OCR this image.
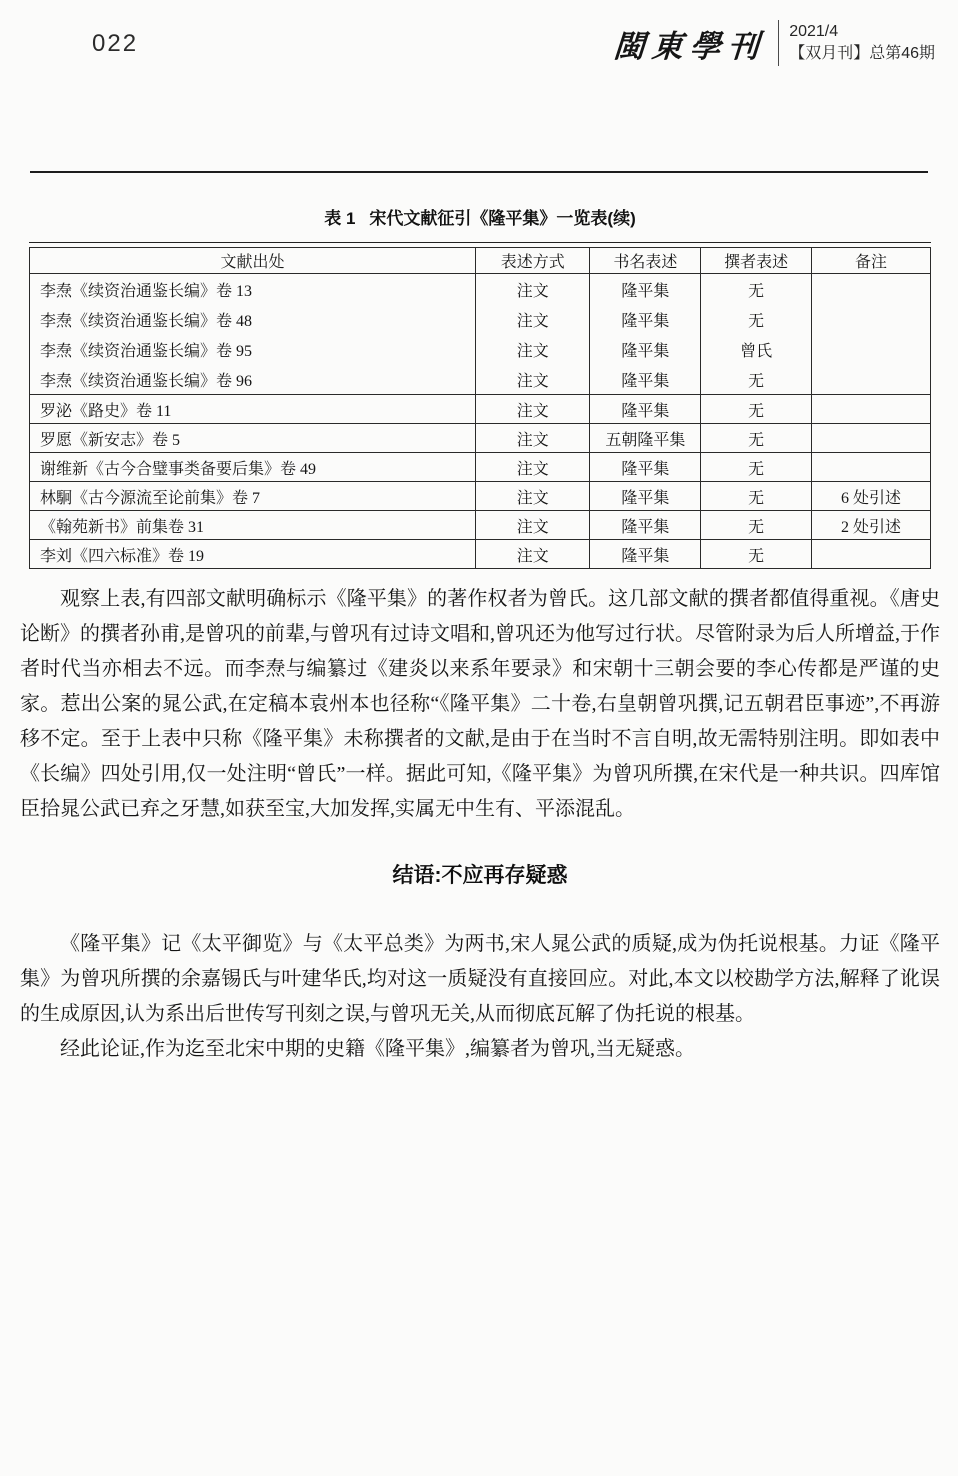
022	閩東學刊	2021/4
【双月刊】总第46期
表 1 宋代文献征引《隆平集》一览表(续)
文献出处	表述方式	书名表述	撰者表述	备注
李焘《续资治通鉴长编》卷 13	注文	隆平集	无	
李焘《续资治通鉴长编》卷 48	注文	隆平集	无	
李焘《续资治通鉴长编》卷 95	注文	隆平集	曾氏	
李焘《续资治通鉴长编》卷 96	注文	隆平集	无	
罗泌《路史》卷 11	注文	隆平集	无	
罗愿《新安志》卷 5	注文	五朝隆平集	无	
谢维新《古今合璧事类备要后集》卷 49	注文	隆平集	无	
林駉《古今源流至论前集》卷 7	注文	隆平集	无	6 处引述
《翰苑新书》前集卷 31	注文	隆平集	无	2 处引述
李刘《四六标准》卷 19	注文	隆平集	无	

观察上表,有四部文献明确标示《隆平集》的著作权者为曾氏。这几部文献的撰者都值得重视。《唐史论断》的撰者孙甫,是曾巩的前辈,与曾巩有过诗文唱和,曾巩还为他写过行状。尽管附录为后人所增益,于作者时代当亦相去不远。而李焘与编纂过《建炎以来系年要录》和宋朝十三朝会要的李心传都是严谨的史家。惹出公案的晁公武,在定稿本袁州本也径称“《隆平集》二十卷,右皇朝曾巩撰,记五朝君臣事迹”,不再游移不定。至于上表中只称《隆平集》未称撰者的文献,是由于在当时不言自明,故无需特别注明。即如表中《长编》四处引用,仅一处注明“曾氏”一样。据此可知,《隆平集》为曾巩所撰,在宋代是一种共识。四库馆臣拾晁公武已弃之牙慧,如获至宝,大加发挥,实属无中生有、平添混乱。

结语:不应再存疑惑

《隆平集》记《太平御览》与《太平总类》为两书,宋人晁公武的质疑,成为伪托说根基。力证《隆平集》为曾巩所撰的余嘉锡氏与叶建华氏,均对这一质疑没有直接回应。对此,本文以校勘学方法,解释了讹误的生成原因,认为系出后世传写刊刻之误,与曾巩无关,从而彻底瓦解了伪托说的根基。

经此论证,作为迄至北宋中期的史籍《隆平集》,编纂者为曾巩,当无疑惑。
